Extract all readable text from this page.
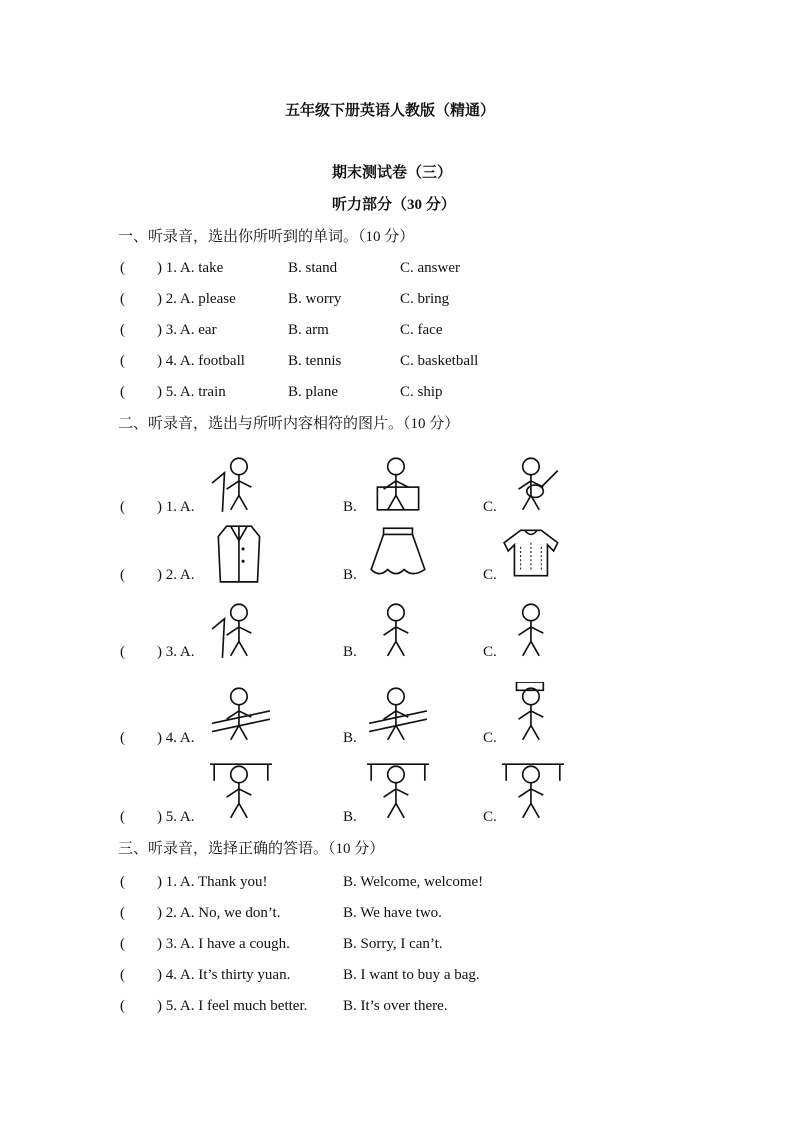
五年级下册英语人教版（精通）
期末测试卷（三）
听力部分（30 分）
一、听录音，选出你所听到的单词。（10 分）
( ) 1. A. take	B. stand	C. answer
( ) 2. A. please	B. worry	C. bring
( ) 3. A. ear	B. arm	C. face
( ) 4. A. football	B. tennis	C. basketball
( ) 5. A. train	B. plane	C. ship
二、听录音，选出与所听内容相符的图片。（10 分）
( ) 1. A.	B.	C.
( ) 2. A.	B.	C.
( ) 3. A.	B.	C.
( ) 4. A.	B.	C.
( ) 5. A.	B.	C.
三、听录音，选择正确的答语。（10 分）
( ) 1. A. Thank you!	B. Welcome, welcome!
( ) 2. A. No, we don’t.	B. We have two.
( ) 3. A. I have a cough.	B. Sorry, I can’t.
( ) 4. A. It’s thirty yuan.	B. I want to buy a bag.
( ) 5. A. I feel much better. B. It’s over there.
